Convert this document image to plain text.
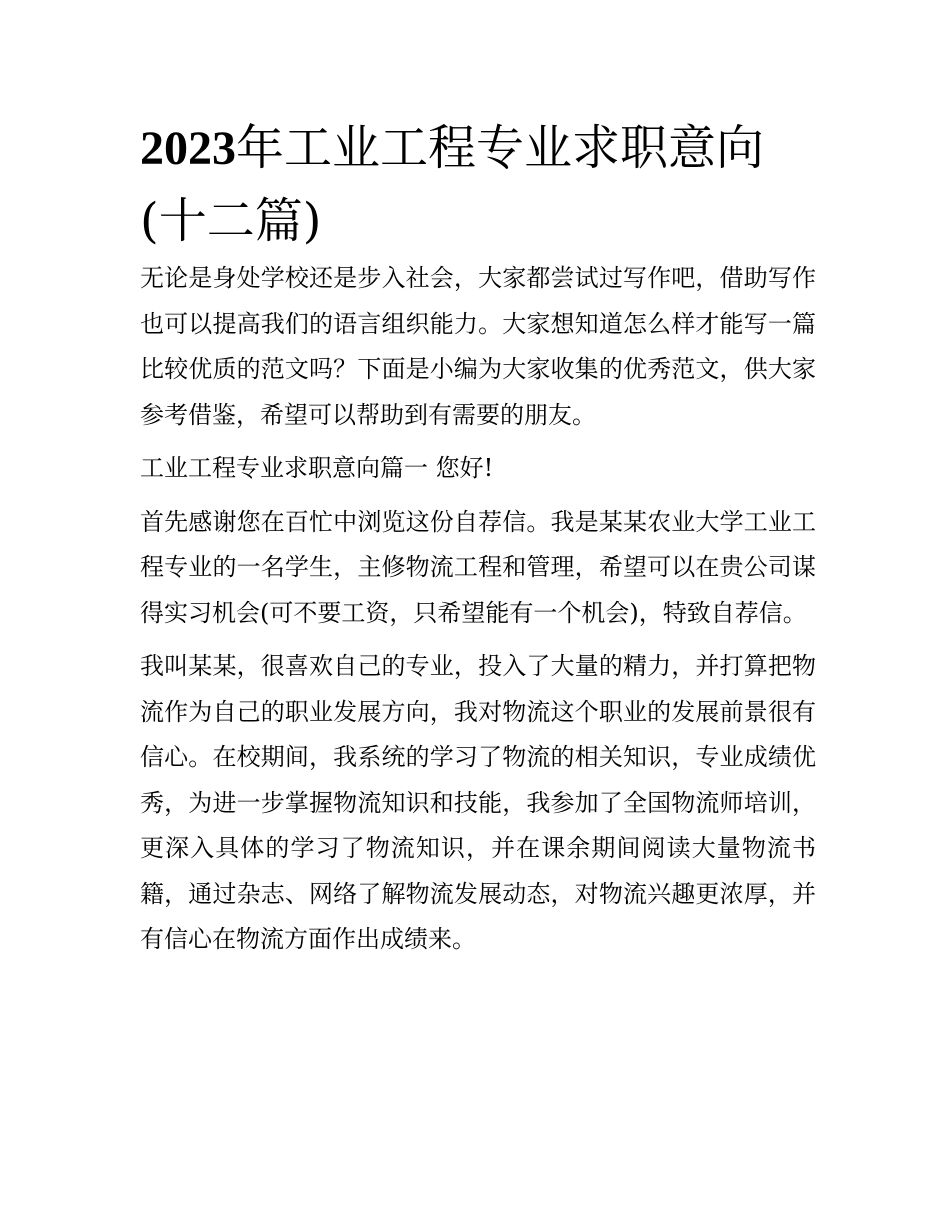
2023年工业工程专业求职意向(十二篇)

无论是身处学校还是步入社会，大家都尝试过写作吧，借助写作也可以提高我们的语言组织能力。大家想知道怎么样才能写一篇比较优质的范文吗？下面是小编为大家收集的优秀范文，供大家参考借鉴，希望可以帮助到有需要的朋友。

工业工程专业求职意向篇一 您好!

首先感谢您在百忙中浏览这份自荐信。我是某某农业大学工业工程专业的一名学生，主修物流工程和管理，希望可以在贵公司谋得实习机会(可不要工资，只希望能有一个机会)，特致自荐信。

我叫某某，很喜欢自己的专业，投入了大量的精力，并打算把物流作为自己的职业发展方向，我对物流这个职业的发展前景很有信心。在校期间，我系统的学习了物流的相关知识，专业成绩优秀，为进一步掌握物流知识和技能，我参加了全国物流师培训，更深入具体的学习了物流知识，并在课余期间阅读大量物流书籍，通过杂志、网络了解物流发展动态，对物流兴趣更浓厚，并有信心在物流方面作出成绩来。
